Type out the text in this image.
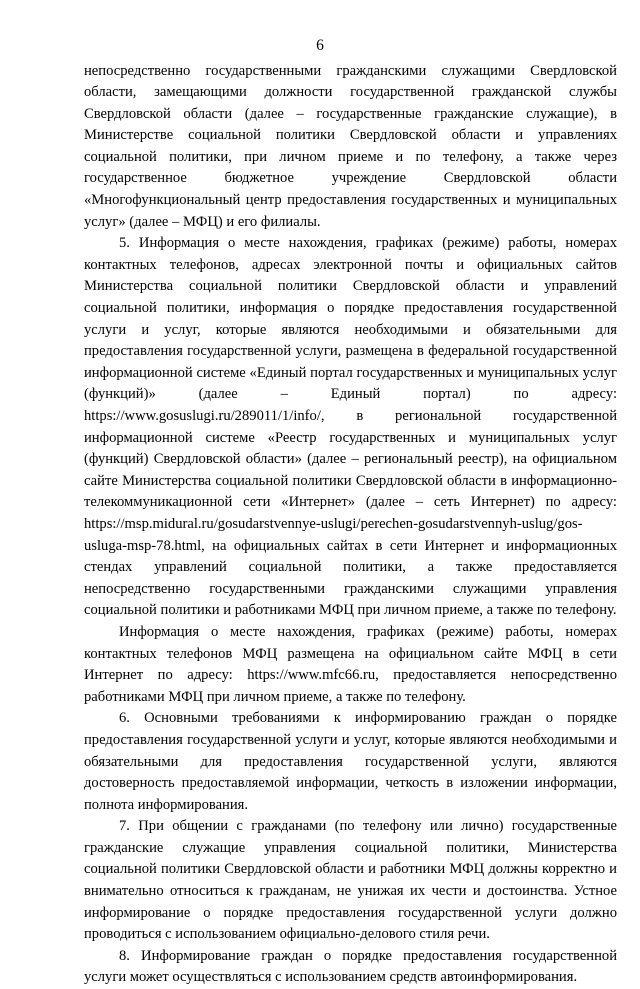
6

непосредственно государственными гражданскими служащими Свердловской области, замещающими должности государственной гражданской службы Свердловской области (далее – государственные гражданские служащие), в Министерстве социальной политики Свердловской области и управлениях социальной политики, при личном приеме и по телефону, а также через государственное бюджетное учреждение Свердловской области «Многофункциональный центр предоставления государственных и муниципальных услуг» (далее – МФЦ) и его филиалы.

5. Информация о месте нахождения, графиках (режиме) работы, номерах контактных телефонов, адресах электронной почты и официальных сайтов Министерства социальной политики Свердловской области и управлений социальной политики, информация о порядке предоставления государственной услуги и услуг, которые являются необходимыми и обязательными для предоставления государственной услуги, размещена в федеральной государственной информационной системе «Единый портал государственных и муниципальных услуг (функций)» (далее – Единый портал) по адресу: https://www.gosuslugi.ru/289011/1/info/, в региональной государственной информационной системе «Реестр государственных и муниципальных услуг (функций) Свердловской области» (далее – региональный реестр), на официальном сайте Министерства социальной политики Свердловской области в информационно-телекоммуникационной сети «Интернет» (далее – сеть Интернет) по адресу: https://msp.midural.ru/gosudarstvennye-uslugi/perechen-gosudarstvennyh-uslug/gos-usluga-msp-78.html, на официальных сайтах в сети Интернет и информационных стендах управлений социальной политики, а также предоставляется непосредственно государственными гражданскими служащими управления социальной политики и работниками МФЦ при личном приеме, а также по телефону.

Информация о месте нахождения, графиках (режиме) работы, номерах контактных телефонов МФЦ размещена на официальном сайте МФЦ в сети Интернет по адресу: https://www.mfc66.ru, предоставляется непосредственно работниками МФЦ при личном приеме, а также по телефону.

6. Основными требованиями к информированию граждан о порядке предоставления государственной услуги и услуг, которые являются необходимыми и обязательными для предоставления государственной услуги, являются достоверность предоставляемой информации, четкость в изложении информации, полнота информирования.

7. При общении с гражданами (по телефону или лично) государственные гражданские служащие управления социальной политики, Министерства социальной политики Свердловской области и работники МФЦ должны корректно и внимательно относиться к гражданам, не унижая их чести и достоинства. Устное информирование о порядке предоставления государственной услуги должно проводиться с использованием официально-делового стиля речи.

8. Информирование граждан о порядке предоставления государственной услуги может осуществляться с использованием средств автоинформирования.
